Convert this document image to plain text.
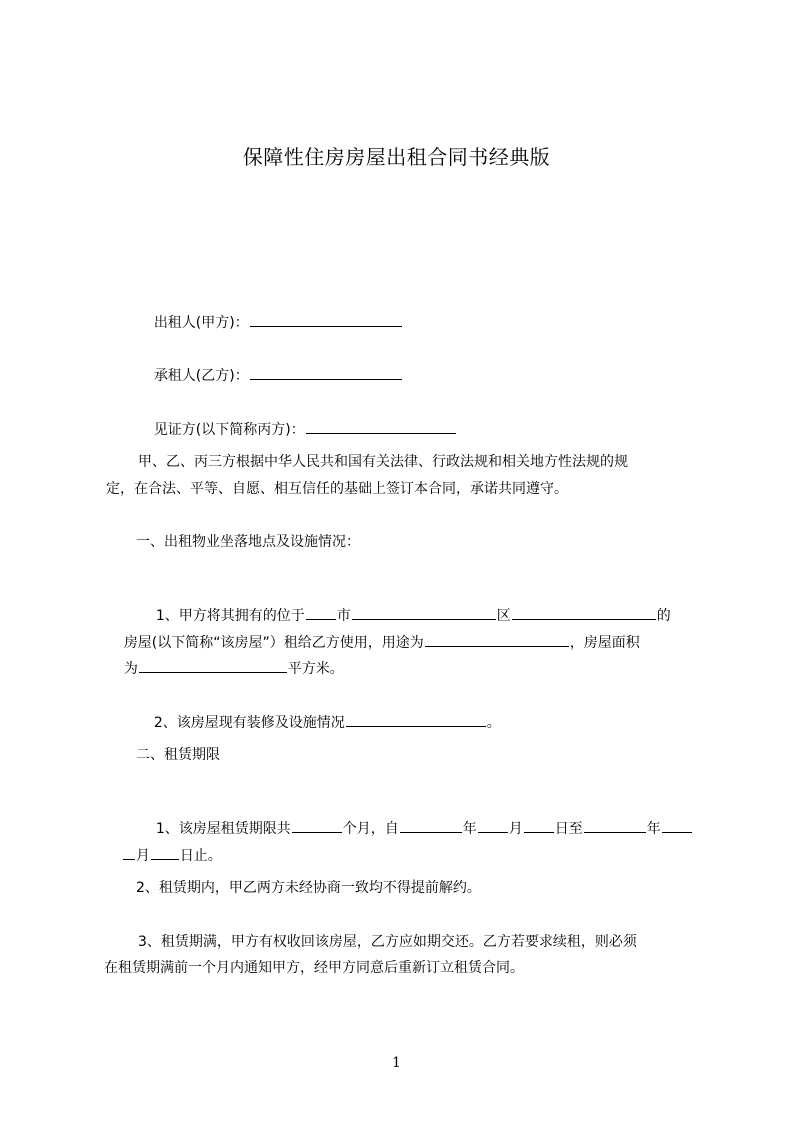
保障性住房房屋出租合同书经典版

出租人(甲方)：

承租人(乙方)：

见证方(以下简称丙方)：

甲、乙、丙三方根据中华人民共和国有关法律、行政法规和相关地方性法规的规
定，在合法、平等、自愿、相互信任的基础上签订本合同，承诺共同遵守。
一、出租物业坐落地点及设施情况：

1、甲方将其拥有的位于 市	区	的

房屋(以下简称“该房屋”）租给乙方使用，用途为	，房屋面积

为	平方米。

2、该房屋现有装修及设施情况	。

二、租赁期限

1、该房屋租赁期限共	个月，自	年 月 日至	年

月 日止。

2、租赁期内，甲乙两方未经协商一致均不得提前解约。
3、租赁期满，甲方有权收回该房屋，乙方应如期交还。乙方若要求续租，则必须
在租赁期满前一个月内通知甲方，经甲方同意后重新订立租赁合同。
1
